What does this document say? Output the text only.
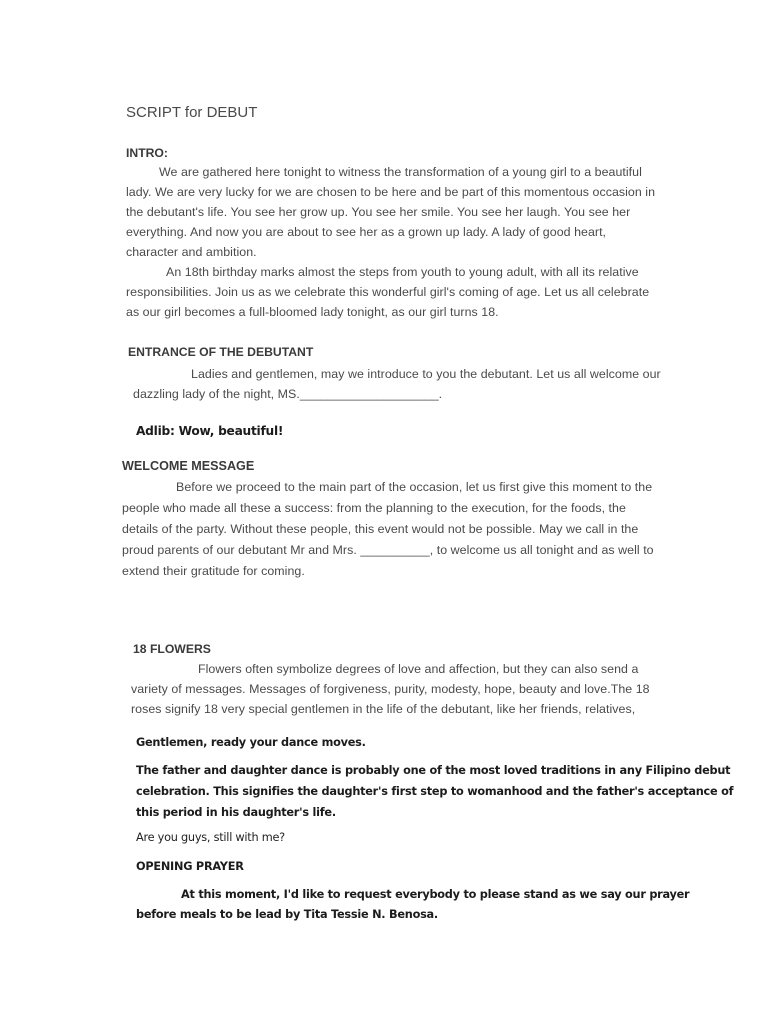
SCRIPT for DEBUT
INTRO:
We are gathered here tonight to witness the transformation of a young girl to a beautiful
lady. We are very lucky for we are chosen to be here and be part of this momentous occasion in
the debutant's life. You see her grow up. You see her smile. You see her laugh. You see her
everything. And now you are about to see her as a grown up lady. A lady of good heart,
character and ambition.
An 18th birthday marks almost the steps from youth to young adult, with all its relative
responsibilities. Join us as we celebrate this wonderful girl's coming of age. Let us all celebrate
as our girl becomes a full-bloomed lady tonight, as our girl turns 18.
ENTRANCE OF THE DEBUTANT
Ladies and gentlemen, may we introduce to you the debutant. Let us all welcome our
dazzling lady of the night, MS.____________________.
Adlib: Wow, beautiful!
WELCOME MESSAGE
Before we proceed to the main part of the occasion, let us first give this moment to the
people who made all these a success: from the planning to the execution, for the foods, the
details of the party. Without these people, this event would not be possible. May we call in the
proud parents of our debutant Mr and Mrs. __________, to welcome us all tonight and as well to
extend their gratitude for coming.
18 FLOWERS
Flowers often symbolize degrees of love and affection, but they can also send a
variety of messages. Messages of forgiveness, purity, modesty, hope, beauty and love.The 18
roses signify 18 very special gentlemen in the life of the debutant, like her friends, relatives,
Gentlemen, ready your dance moves.
The father and daughter dance is probably one of the most loved traditions in any Filipino debut
celebration. This signifies the daughter's first step to womanhood and the father's acceptance of
this period in his daughter's life.
Are you guys, still with me?
OPENING PRAYER
At this moment, I'd like to request everybody to please stand as we say our prayer
before meals to be lead by Tita Tessie N. Benosa.
